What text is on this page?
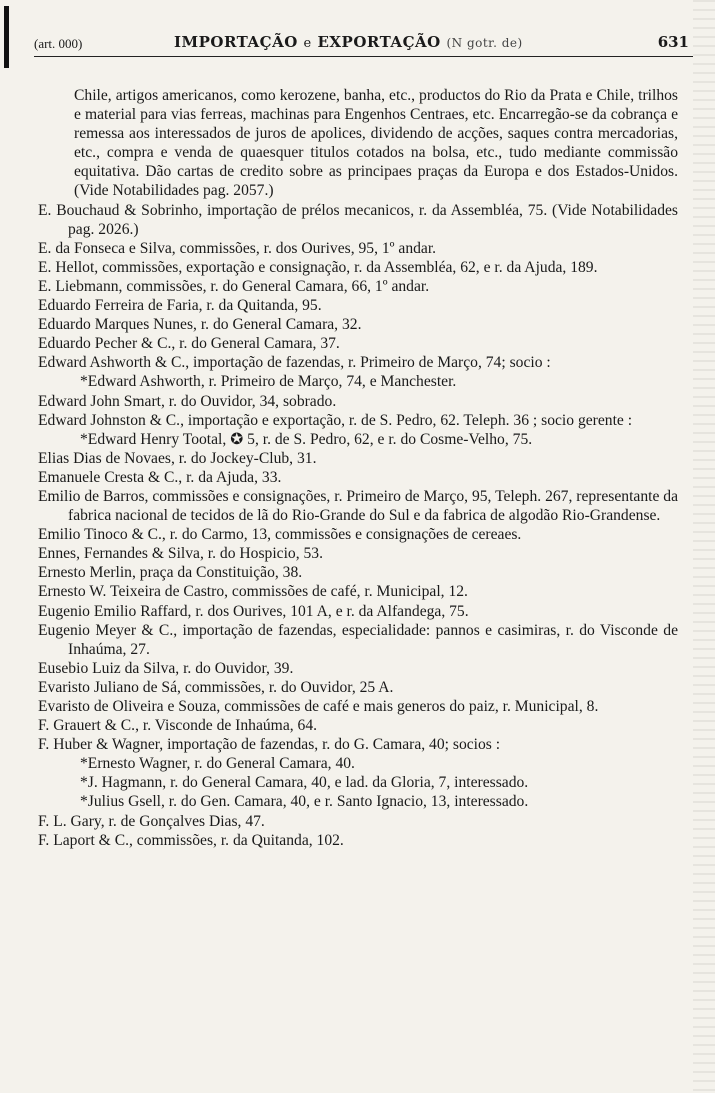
(art. 000)	IMPORTAÇÃO e EXPORTAÇÃO (N gotr. de)	631

Chile, artigos americanos, como kerozene, banha, etc., productos do Rio da Prata e Chile, trilhos e material para vias ferreas, machinas para Engenhos Centraes, etc. Encarregão-se da cobrança e remessa aos interessados de juros de apolices, dividendo de acções, saques contra mercadorias, etc., compra e venda de quaesquer titulos cotados na bolsa, etc., tudo mediante commissão equitativa. Dão cartas de credito sobre as principaes praças da Europa e dos Estados-Unidos. (Vide Notabilidades pag. 2057.)

E. Bouchaud & Sobrinho, importação de prélos mecanicos, r. da Assembléa, 75. (Vide Notabilidades pag. 2026.)

E. da Fonseca e Silva, commissões, r. dos Ourives, 95, 1º andar.

E. Hellot, commissões, exportação e consignação, r. da Assembléa, 62, e r. da Ajuda, 189.

E. Liebmann, commissões, r. do General Camara, 66, 1º andar.

Eduardo Ferreira de Faria, r. da Quitanda, 95.

Eduardo Marques Nunes, r. do General Camara, 32.

Eduardo Pecher & C., r. do General Camara, 37.

Edward Ashworth & C., importação de fazendas, r. Primeiro de Março, 74; socio :

*Edward Ashworth, r. Primeiro de Março, 74, e Manchester.

Edward John Smart, r. do Ouvidor, 34, sobrado.

Edward Johnston & C., importação e exportação, r. de S. Pedro, 62. Teleph. 36 ; socio gerente :

*Edward Henry Tootal, ✪ 5, r. de S. Pedro, 62, e r. do Cosme-Velho, 75.

Elias Dias de Novaes, r. do Jockey-Club, 31.

Emanuele Cresta & C., r. da Ajuda, 33.

Emilio de Barros, commissões e consignações, r. Primeiro de Março, 95, Teleph. 267, representante da fabrica nacional de tecidos de lã do Rio-Grande do Sul e da fabrica de algodão Rio-Grandense.

Emilio Tinoco & C., r. do Carmo, 13, commissões e consignações de cereaes.

Ennes, Fernandes & Silva, r. do Hospicio, 53.

Ernesto Merlin, praça da Constituição, 38.

Ernesto W. Teixeira de Castro, commissões de café, r. Municipal, 12.

Eugenio Emilio Raffard, r. dos Ourives, 101 A, e r. da Alfandega, 75.

Eugenio Meyer & C., importação de fazendas, especialidade: pannos e casimiras, r. do Visconde de Inhaúma, 27.

Eusebio Luiz da Silva, r. do Ouvidor, 39.

Evaristo Juliano de Sá, commissões, r. do Ouvidor, 25 A.

Evaristo de Oliveira e Souza, commissões de café e mais generos do paiz, r. Municipal, 8.

F. Grauert & C., r. Visconde de Inhaúma, 64.

F. Huber & Wagner, importação de fazendas, r. do G. Camara, 40; socios :

*Ernesto Wagner, r. do General Camara, 40.

*J. Hagmann, r. do General Camara, 40, e lad. da Gloria, 7, interessado.

*Julius Gsell, r. do Gen. Camara, 40, e r. Santo Ignacio, 13, interessado.

F. L. Gary, r. de Gonçalves Dias, 47.

F. Laport & C., commissões, r. da Quitanda, 102.
